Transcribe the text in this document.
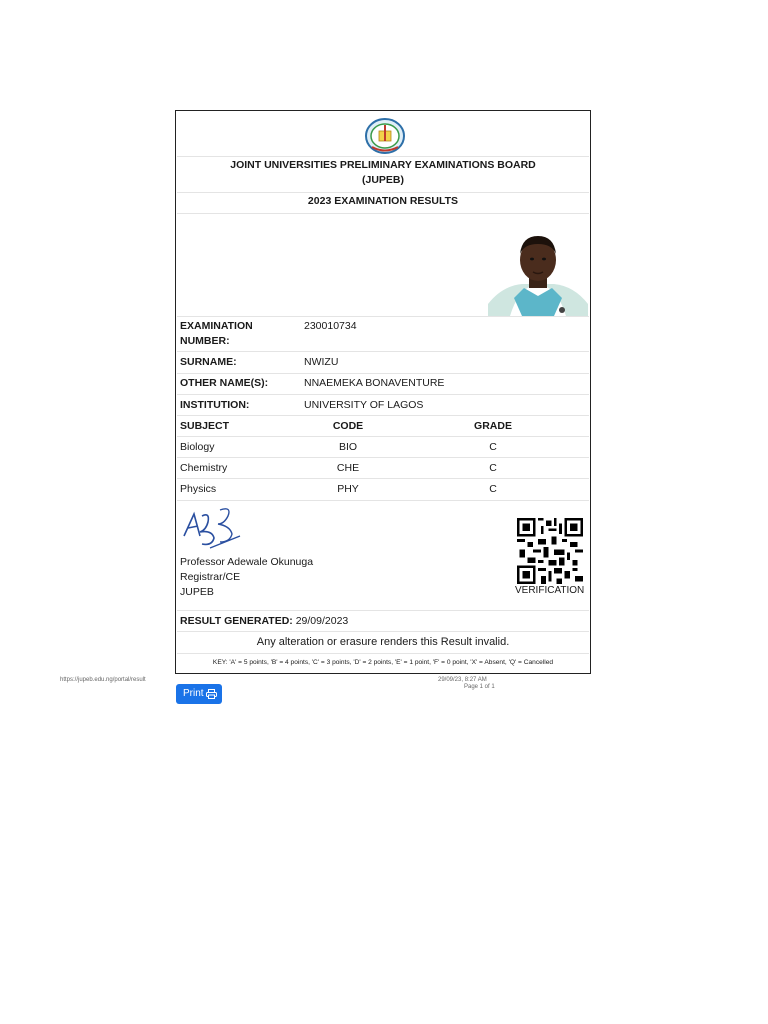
JOINT UNIVERSITIES PRELIMINARY EXAMINATIONS BOARD
(JUPEB)
2023 EXAMINATION RESULTS
EXAMINATION
NUMBER:
230010734
SURNAME:	NWIZU
OTHER NAME(S):	NNAEMEKA BONAVENTURE
INSTITUTION:	UNIVERSITY OF LAGOS
SUBJECT	CODE	GRADE
Biology	BIO	C
Chemistry	CHE	C
Physics	PHY	C
Professor Adewale Okunuga
Registrar/CE
JUPEB	VERIFICATION
RESULT GENERATED: 29/09/2023
Any alteration or erasure renders this Result invalid.
KEY: 'A' = 5 points, 'B' = 4 points, 'C' = 3 points, 'D' = 2 points, 'E' = 1 point, 'F' = 0 point, 'X' = Absent, 'Q' = Cancelled
https://jupeb.edu.ng/portal/result	29/09/23, 8:27 AM
Page 1 of 1
Print
